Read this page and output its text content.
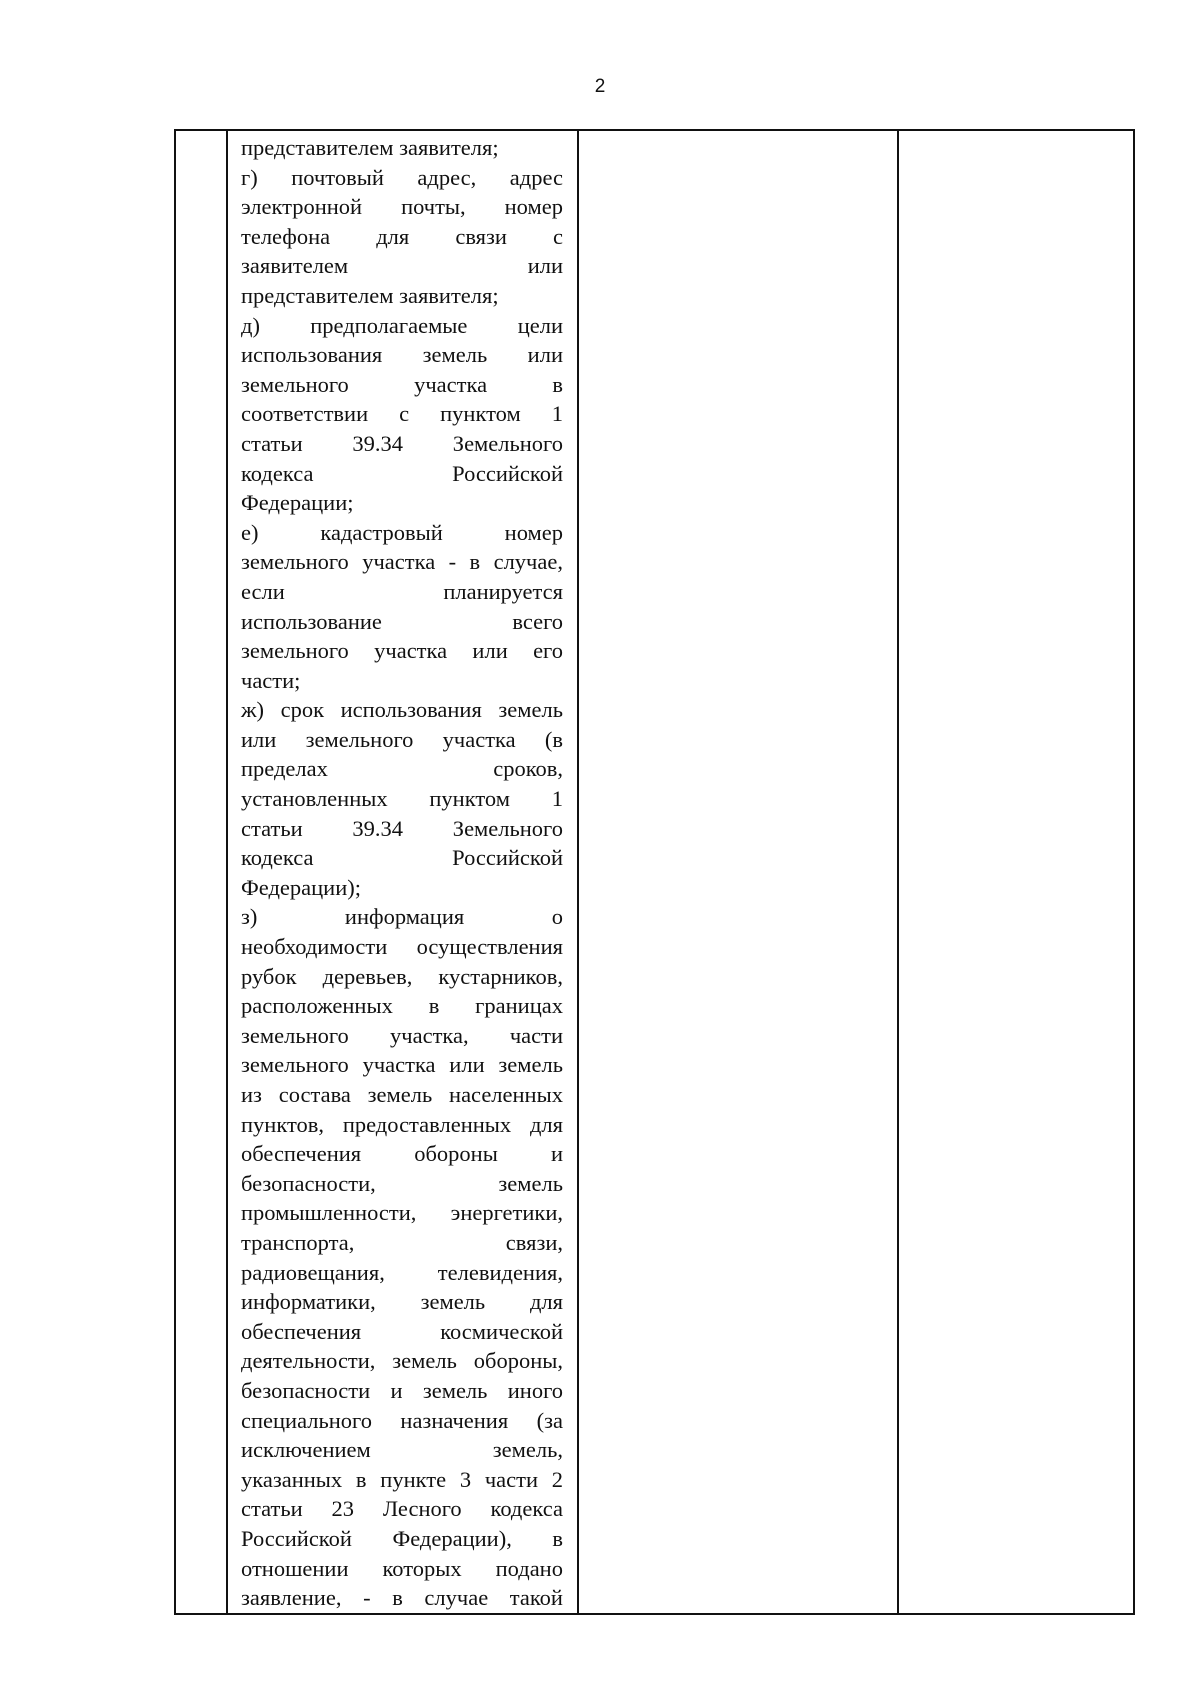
2

представителем заявителя;
г) почтовый адрес, адрес
электронной почты, номер
телефона для связи с
заявителем	или
представителем заявителя;
д) предполагаемые цели
использования земель или
земельного	участка	в
соответствии с пунктом 1
статьи 39.34 Земельного
кодекса	Российской
Федерации;
е)	кадастровый	номер
земельного участка - в случае,
если	планируется
использование	всего
земельного участка или его
части;
ж) срок использования земель
или земельного участка (в
пределах	сроков,
установленных пунктом 1
статьи 39.34 Земельного
кодекса	Российской
Федерации);
з)	информация	о
необходимости осуществления
рубок деревьев, кустарников,
расположенных в границах
земельного участка, части
земельного участка или земель
из состава земель населенных
пунктов, предоставленных для
обеспечения обороны и
безопасности,	земель
промышленности, энергетики,
транспорта,	связи,
радиовещания, телевидения,
информатики, земель для
обеспечения	космической
деятельности, земель обороны,
безопасности и земель иного
специального назначения (за
исключением	земель,
указанных в пункте 3 части 2
статьи 23 Лесного кодекса
Российской Федерации), в
отношении которых подано
заявление, - в случае такой
